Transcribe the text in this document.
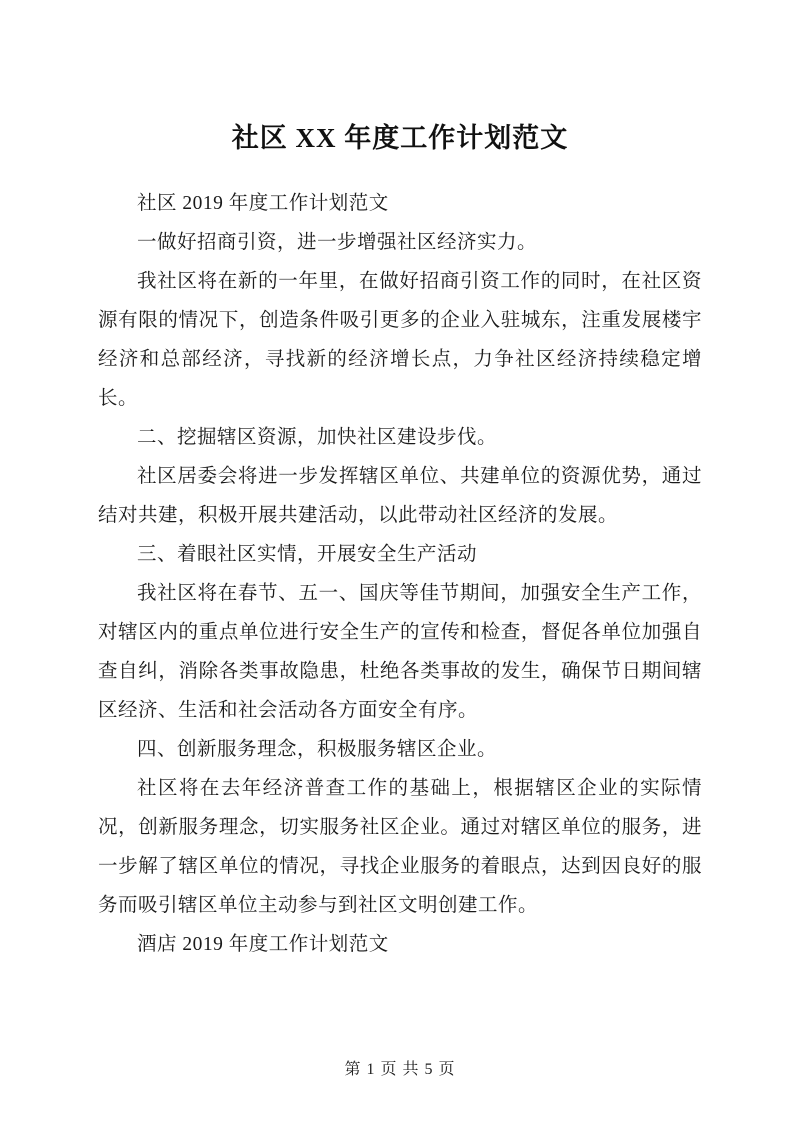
社区 XX 年度工作计划范文

社区 2019 年度工作计划范文

一做好招商引资，进一步增强社区经济实力。

我社区将在新的一年里，在做好招商引资工作的同时，在社区资源有限的情况下，创造条件吸引更多的企业入驻城东，注重发展楼宇经济和总部经济，寻找新的经济增长点，力争社区经济持续稳定增长。

二、挖掘辖区资源，加快社区建设步伐。

社区居委会将进一步发挥辖区单位、共建单位的资源优势，通过结对共建，积极开展共建活动，以此带动社区经济的发展。

三、着眼社区实情，开展安全生产活动

我社区将在春节、五一、国庆等佳节期间，加强安全生产工作，对辖区内的重点单位进行安全生产的宣传和检查，督促各单位加强自查自纠，消除各类事故隐患，杜绝各类事故的发生，确保节日期间辖区经济、生活和社会活动各方面安全有序。

四、创新服务理念，积极服务辖区企业。

社区将在去年经济普查工作的基础上，根据辖区企业的实际情况，创新服务理念，切实服务社区企业。通过对辖区单位的服务，进一步解了辖区单位的情况，寻找企业服务的着眼点，达到因良好的服务而吸引辖区单位主动参与到社区文明创建工作。

酒店 2019 年度工作计划范文

第 1 页 共 5 页
